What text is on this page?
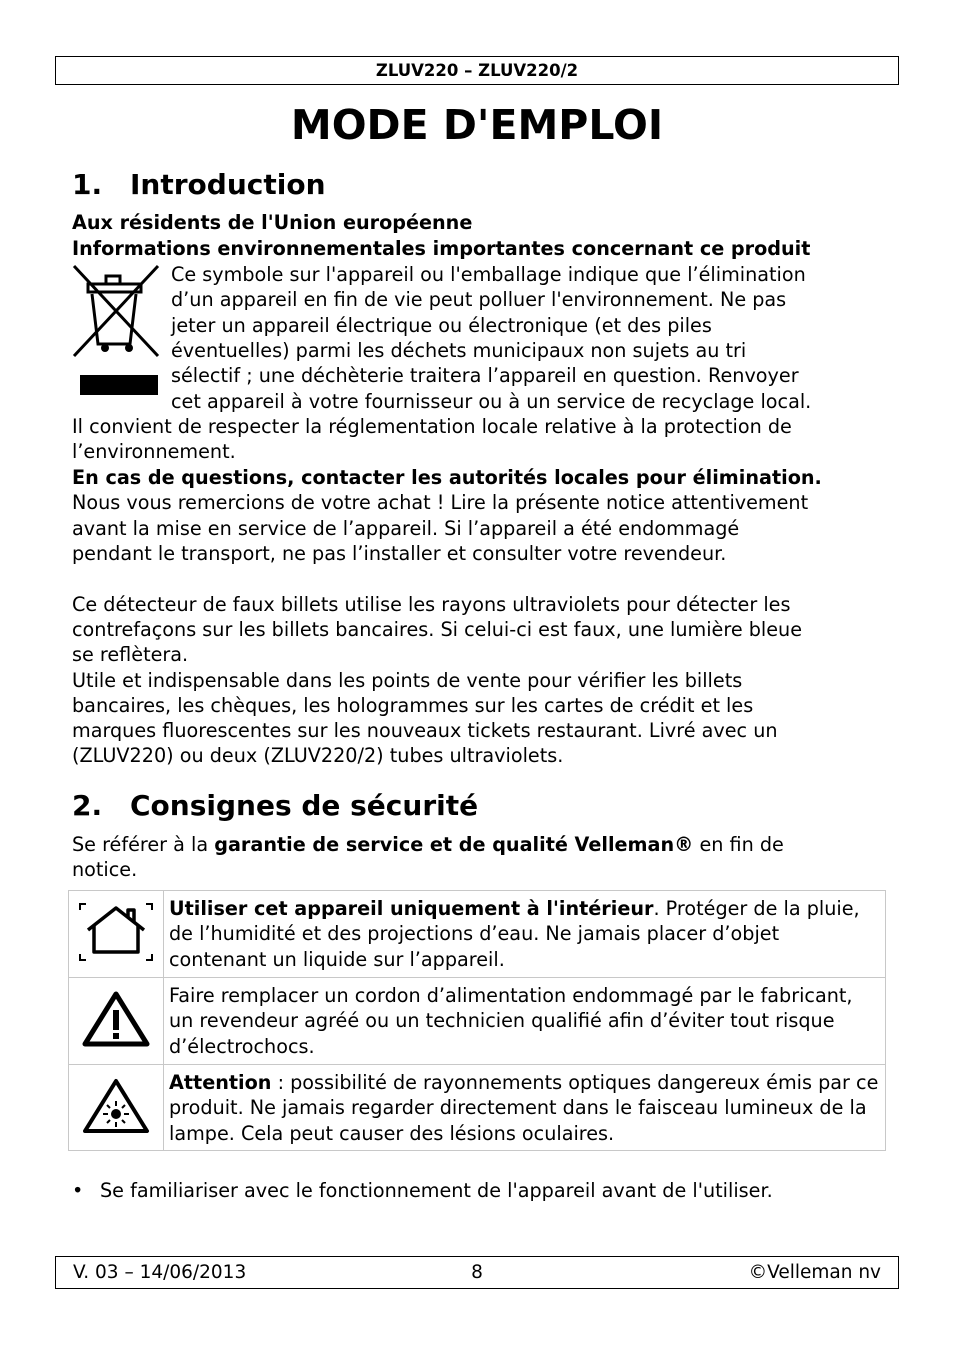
ZLUV220 – ZLUV220/2
MODE D'EMPLOI
1. Introduction

Aux résidents de l'Union européenne

Informations environnementales importantes concernant ce produit

Ce symbole sur l'appareil ou l'emballage indique que l’élimination

d’un appareil en fin de vie peut polluer l'environnement. Ne pas

jeter un appareil électrique ou électronique (et des piles

éventuelles) parmi les déchets municipaux non sujets au tri

sélectif ; une déchèterie traitera l’appareil en question. Renvoyer

cet appareil à votre fournisseur ou à un service de recyclage local.

Il convient de respecter la réglementation locale relative à la protection de

l’environnement.

En cas de questions, contacter les autorités locales pour élimination.

Nous vous remercions de votre achat ! Lire la présente notice attentivement

avant la mise en service de l’appareil. Si l’appareil a été endommagé

pendant le transport, ne pas l’installer et consulter votre revendeur.

Ce détecteur de faux billets utilise les rayons ultraviolets pour détecter les

contrefaçons sur les billets bancaires. Si celui-ci est faux, une lumière bleue

se reflètera.

Utile et indispensable dans les points de vente pour vérifier les billets

bancaires, les chèques, les hologrammes sur les cartes de crédit et les

marques fluorescentes sur les nouveaux tickets restaurant. Livré avec un

(ZLUV220) ou deux (ZLUV220/2) tubes ultraviolets.

2. Consignes de sécurité

Se référer à la garantie de service et de qualité Velleman® en fin de

notice.

	Utiliser cet appareil uniquement à l'intérieur. Protéger de la pluie, de l’humidité et des projections d’eau. Ne jamais placer d’objet contenant un liquide sur l’appareil.
	Faire remplacer un cordon d’alimentation endommagé par le fabricant, un revendeur agréé ou un technicien qualifié afin d’éviter tout risque d’électrochocs.
	Attention : possibilité de rayonnements optiques dangereux émis par ce produit. Ne jamais regarder directement dans le faisceau lumineux de la lampe. Cela peut causer des lésions oculaires.

• Se familiariser avec le fonctionnement de l'appareil avant de l'utiliser.

V. 03 – 14/06/2013	8	©Velleman nv
